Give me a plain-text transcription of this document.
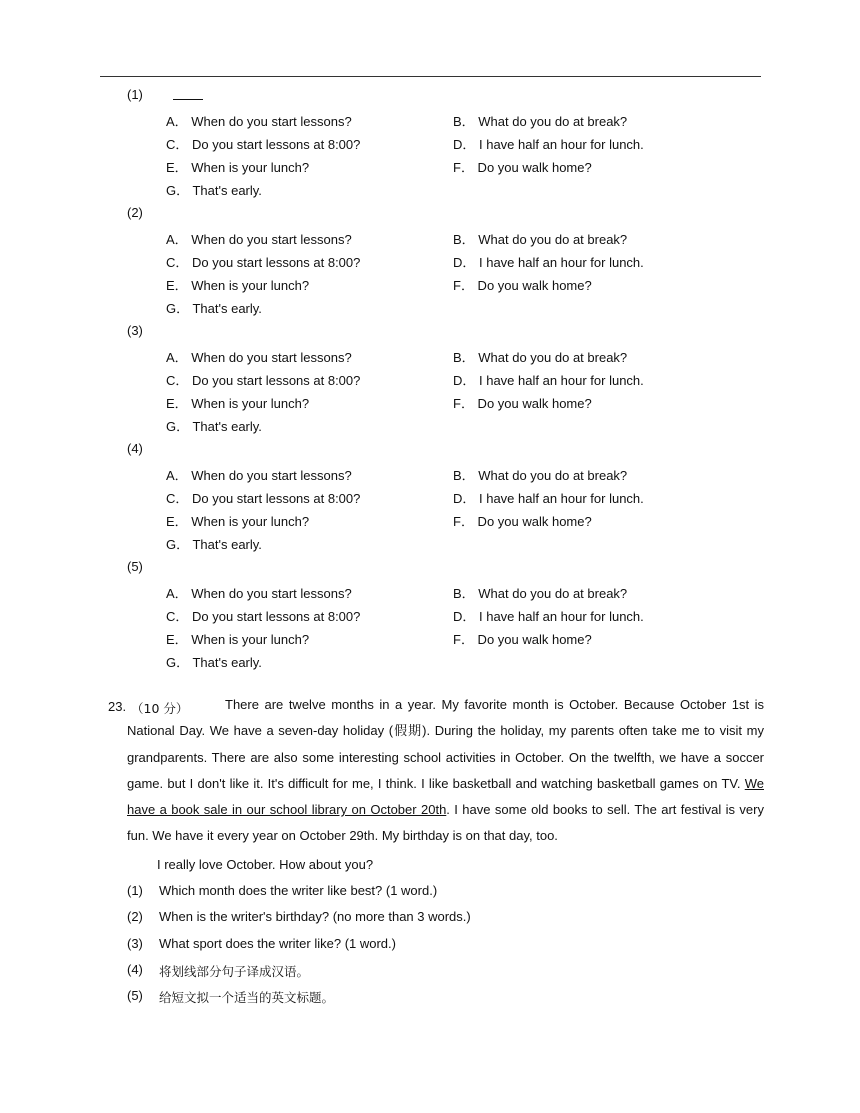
(1)
A． When do you start lessons?	B． What do you do at break?
C． Do you start lessons at 8:00?	D． I have half an hour for lunch.
E． When is your lunch?	F． Do you walk home?
G． That's early.
(2)
A． When do you start lessons?	B． What do you do at break?
C． Do you start lessons at 8:00?	D． I have half an hour for lunch.
E． When is your lunch?	F． Do you walk home?
G． That's early.
(3)
A． When do you start lessons?	B． What do you do at break?
C． Do you start lessons at 8:00?	D． I have half an hour for lunch.
E． When is your lunch?	F． Do you walk home?
G． That's early.
(4)
A． When do you start lessons?	B． What do you do at break?
C． Do you start lessons at 8:00?	D． I have half an hour for lunch.
E． When is your lunch?	F． Do you walk home?
G． That's early.
(5)
A． When do you start lessons?	B． What do you do at break?
C． Do you start lessons at 8:00?	D． I have half an hour for lunch.
E． When is your lunch?	F． Do you walk home?
G． That's early.
23. （10 分）	There are twelve months in a year. My favorite month is October. Because October 1st is National Day. We have a seven-day holiday (假期). During the holiday, my parents often take me to visit my grandparents. There are also some interesting school activities in October. On the twelfth, we have a soccer game. but I don't like it. It's difficult for me, I think. I like basketball and watching basketball games on TV. We have a book sale in our school library on October 20th. I have some old books to sell. The art festival is very fun. We have it every year on October 29th. My birthday is on that day, too.
I really love October. How about you?
(1) Which month does the writer like best? (1 word.)
(2) When is the writer's birthday? (no more than 3 words.)
(3) What sport does the writer like? (1 word.)
(4) 将划线部分句子译成汉语。
(5) 给短文拟一个适当的英文标题。
